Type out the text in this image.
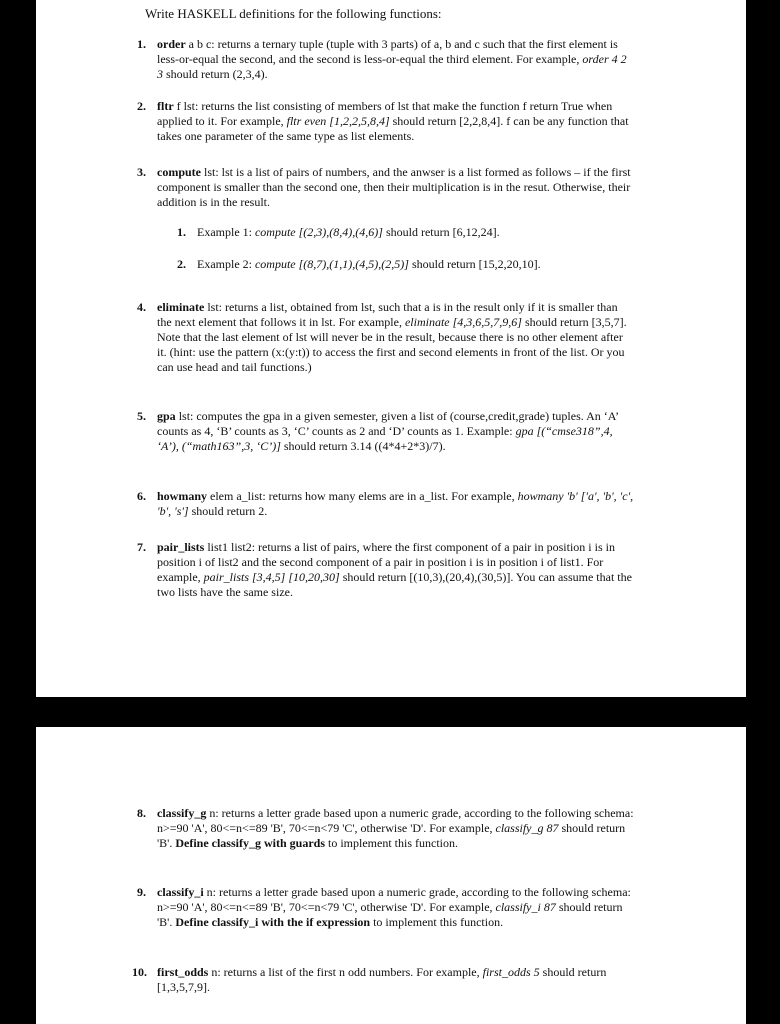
Write HASKELL definitions for the following functions:
1. order a b c: returns a ternary tuple (tuple with 3 parts) of a, b and c such that the first element is less-or-equal the second, and the second is less-or-equal the third element. For example, order 4 2 3 should return (2,3,4).
2. fltr f lst: returns the list consisting of members of lst that make the function f return True when applied to it. For example, fltr even [1,2,2,5,8,4] should return [2,2,8,4]. f can be any function that takes one parameter of the same type as list elements.
3. compute lst: lst is a list of pairs of numbers, and the anwser is a list formed as follows – if the first component is smaller than the second one, then their multiplication is in the resut. Otherwise, their addition is in the result.
1. Example 1: compute [(2,3),(8,4),(4,6)] should return [6,12,24].
2. Example 2: compute [(8,7),(1,1),(4,5),(2,5)] should return [15,2,20,10].
4. eliminate lst: returns a list, obtained from lst, such that a is in the result only if it is smaller than the next element that follows it in lst. For example, eliminate [4,3,6,5,7,9,6] should return [3,5,7]. Note that the last element of lst will never be in the result, because there is no other element after it. (hint: use the pattern (x:(y:t)) to access the first and second elements in front of the list. Or you can use head and tail functions.)
5. gpa lst: computes the gpa in a given semester, given a list of (course,credit,grade) tuples. An ‘A’ counts as 4, ‘B’ counts as 3, ‘C’ counts as 2 and ‘D’ counts as 1. Example: gpa [(“cmse318”,4, ‘A’), (“math163”,3, ‘C’)] should return 3.14 ((4*4+2*3)/7).
6. howmany elem a_list: returns how many elems are in a_list. For example, howmany 'b' ['a', 'b', 'c', 'b', 's'] should return 2.
7. pair_lists list1 list2: returns a list of pairs, where the first component of a pair in position i is in position i of list2 and the second component of a pair in position i is in position i of list1. For example, pair_lists [3,4,5] [10,20,30] should return [(10,3),(20,4),(30,5)]. You can assume that the two lists have the same size.
8. classify_g n: returns a letter grade based upon a numeric grade, according to the following schema: n>=90 'A', 80<=n<=89 'B', 70<=n<79 'C', otherwise 'D'. For example, classify_g 87 should return 'B'. Define classify_g with guards to implement this function.
9. classify_i n: returns a letter grade based upon a numeric grade, according to the following schema: n>=90 'A', 80<=n<=89 'B', 70<=n<79 'C', otherwise 'D'. For example, classify_i 87 should return 'B'. Define classify_i with the if expression to implement this function.
10. first_odds n: returns a list of the first n odd numbers. For example, first_odds 5 should return [1,3,5,7,9].
